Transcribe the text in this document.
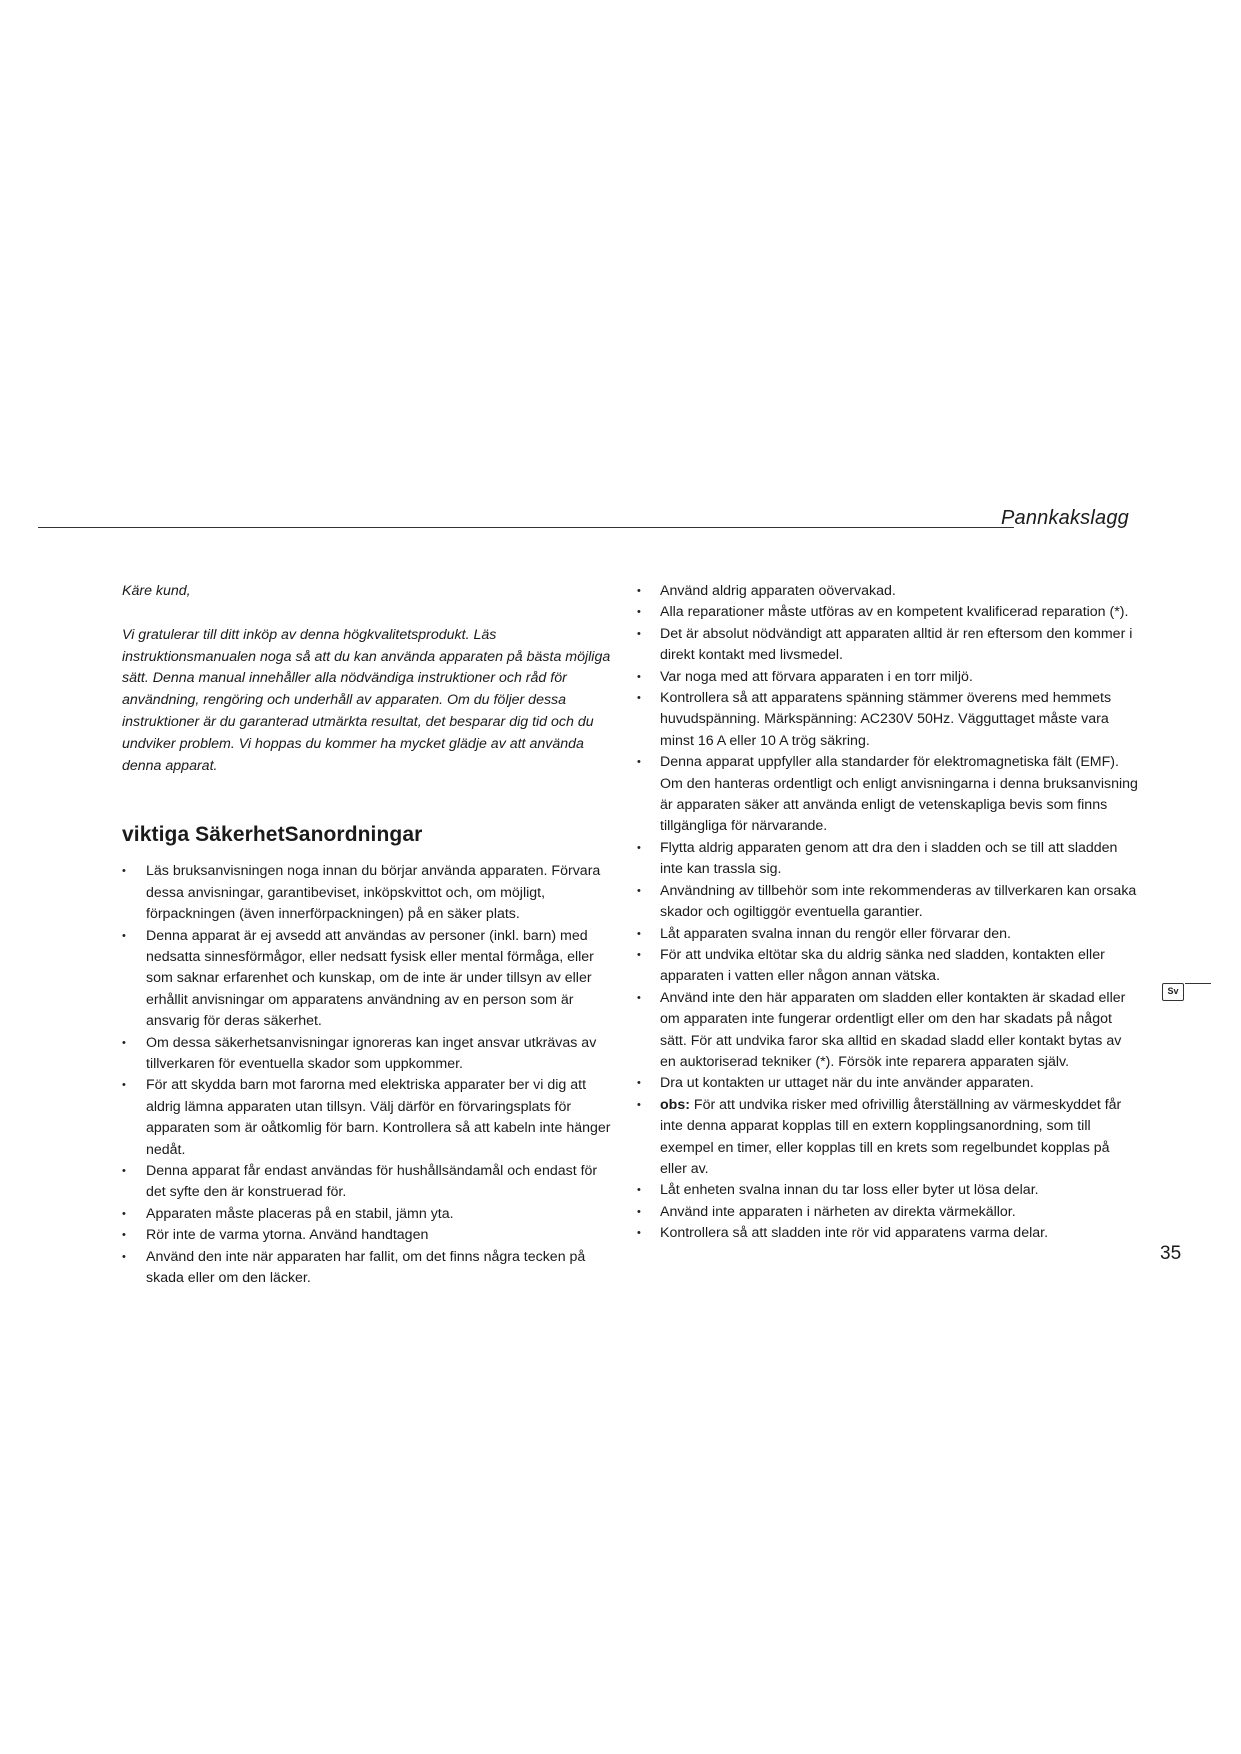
Pannkakslagg

Käre kund,

Vi gratulerar till ditt inköp av denna högkvalitetsprodukt. Läs instruktionsmanualen noga så att du kan använda apparaten på bästa möjliga sätt. Denna manual innehåller alla nödvändiga instruktioner och råd för användning, rengöring och underhåll av apparaten. Om du följer dessa instruktioner är du garanterad utmärkta resultat, det besparar dig tid och du undviker problem. Vi hoppas du kommer ha mycket glädje av att använda denna apparat.

viktiga SäkerhetSanordningar
• Läs bruksanvisningen noga innan du börjar använda apparaten. Förvara dessa anvisningar, garantibeviset, inköpskvittot och, om möjligt, förpackningen (även innerförpackningen) på en säker plats.
• Denna apparat är ej avsedd att användas av personer (inkl. barn) med nedsatta sinnesförmågor, eller nedsatt fysisk eller mental förmåga, eller som saknar erfarenhet och kunskap, om de inte är under tillsyn av eller erhållit anvisningar om apparatens användning av en person som är ansvarig för deras säkerhet.
• Om dessa säkerhetsanvisningar ignoreras kan inget ansvar utkrävas av tillverkaren för eventuella skador som uppkommer.
• För att skydda barn mot farorna med elektriska apparater ber vi dig att aldrig lämna apparaten utan tillsyn. Välj därför en förvaringsplats för apparaten som är oåtkomlig för barn. Kontrollera så att kabeln inte hänger nedåt.
• Denna apparat får endast användas för hushållsändamål och endast för det syfte den är konstruerad för.
• Apparaten måste placeras på en stabil, jämn yta.
• Rör inte de varma ytorna. Använd handtagen
• Använd den inte när apparaten har fallit, om det finns några tecken på skada eller om den läcker.
• Använd aldrig apparaten oövervakad.
• Alla reparationer måste utföras av en kompetent kvalificerad reparation (*).
• Det är absolut nödvändigt att apparaten alltid är ren eftersom den kommer i direkt kontakt med livsmedel.
• Var noga med att förvara apparaten i en torr miljö.
• Kontrollera så att apparatens spänning stämmer överens med hemmets huvudspänning. Märkspänning: AC230V 50Hz. Vägguttaget måste vara minst 16 A eller 10 A trög säkring.
• Denna apparat uppfyller alla standarder för elektromagnetiska fält (EMF). Om den hanteras ordentligt och enligt anvisningarna i denna bruksanvisning är apparaten säker att använda enligt de vetenskapliga bevis som finns tillgängliga för närvarande.
• Flytta aldrig apparaten genom att dra den i sladden och se till att sladden inte kan trassla sig.
• Användning av tillbehör som inte rekommenderas av tillverkaren kan orsaka skador och ogiltiggör eventuella garantier.
• Låt apparaten svalna innan du rengör eller förvarar den.
• För att undvika eltötar ska du aldrig sänka ned sladden, kontakten eller apparaten i vatten eller någon annan vätska.
• Använd inte den här apparaten om sladden eller kontakten är skadad eller om apparaten inte fungerar ordentligt eller om den har skadats på något sätt. För att undvika faror ska alltid en skadad sladd eller kontakt bytas av en auktoriserad tekniker (*). Försök inte reparera apparaten själv.
• Dra ut kontakten ur uttaget när du inte använder apparaten.
• obs: För att undvika risker med ofrivillig återställning av värmeskyddet får inte denna apparat kopplas till en extern kopplingsanordning, som till exempel en timer, eller kopplas till en krets som regelbundet kopplas på eller av.
• Låt enheten svalna innan du tar loss eller byter ut lösa delar.
• Använd inte apparaten i närheten av direkta värmekällor.
• Kontrollera så att sladden inte rör vid apparatens varma delar.
Sv
35
